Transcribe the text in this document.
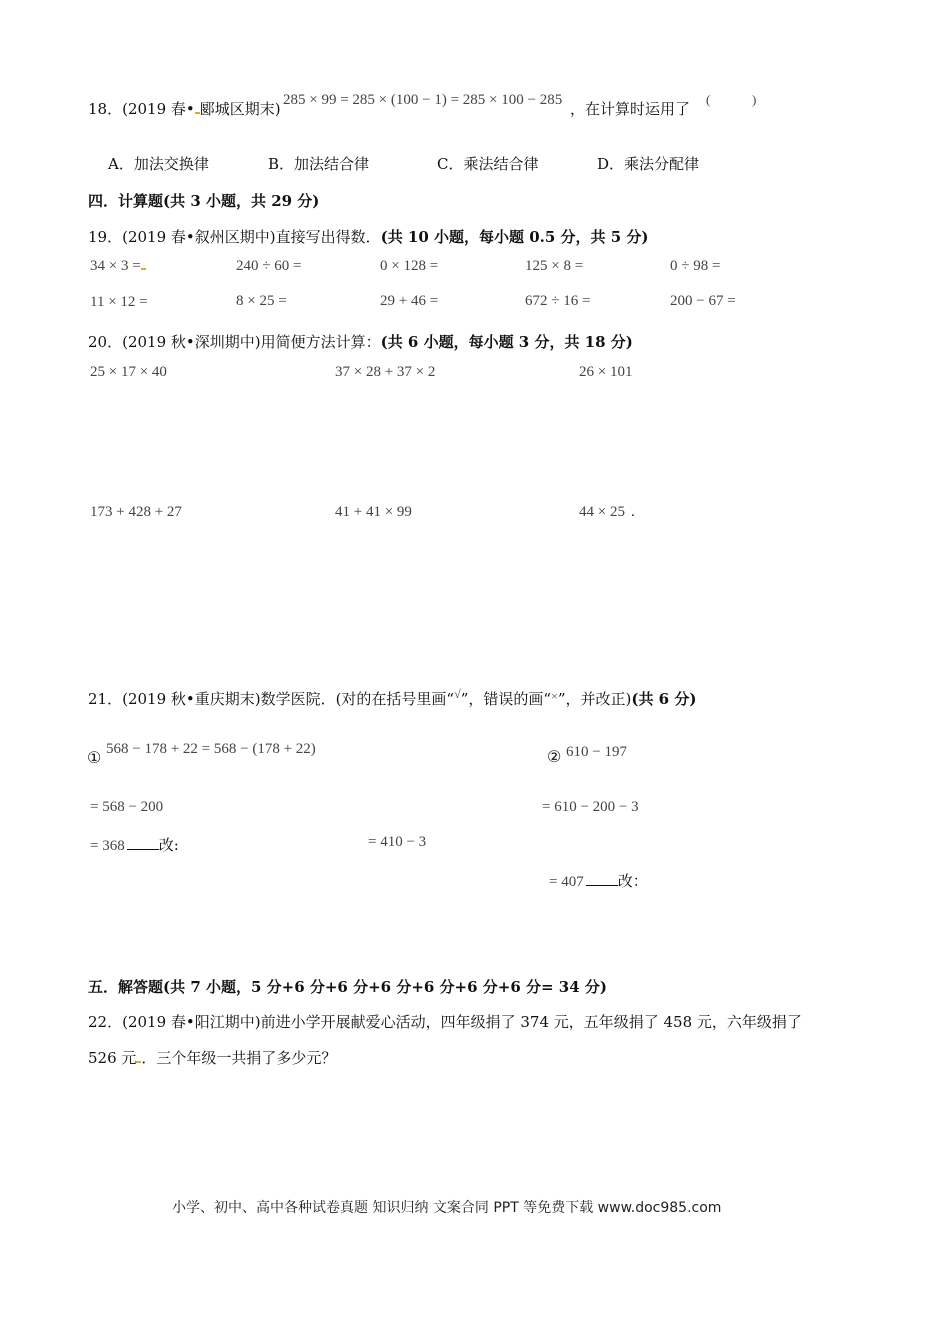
18．(2019 春• 郾城区期末) 285 × 99 = 285 × (100 − 1) = 285 × 100 − 285 ，在计算时运用了
(	)
A．加法交换律	B．加法结合律	C．乘法结合律	D．乘法分配律
四．计算题(共 3 小题，共 29 分)
19．(2019 春•叙州区期中)直接写出得数．(共 10 小题，每小题 0.5 分，共 5 分)
34 × 3 =	240 ÷ 60 =	0 × 128 =	125 × 8 =	0 ÷ 98 =
11 × 12 =	8 × 25 =	29 + 46 =	672 ÷ 16 =	200 − 67 =
20．(2019 秋•深圳期中)用简便方法计算：(共 6 小题，每小题 3 分，共 18 分)
25 × 17 × 40	37 × 28 + 37 × 2	26 × 101
173 + 428 + 27	41 + 41 × 99	44 × 25 .
21．(2019 秋•重庆期末)数学医院．(对的在括号里画“√”，错误的画“×”，并改正)(共 6 分)
① 568 − 178 + 22 = 568 − (178 + 22)
= 568 − 200
= 368 改:
② 610 − 197
= 610 − 200 − 3
= 410 − 3
= 407 改：
五．解答题(共 7 小题，5 分+6 分+6 分+6 分+6 分+6 分+6 分= 34 分)
22．(2019 春•阳江期中)前进小学开展献爱心活动，四年级捐了 374 元，五年级捐了 458 元，六年级捐了
526 元 ．三个年级一共捐了多少元？
小学、初中、高中各种试卷真题 知识归纳 文案合同 PPT 等免费下载 www.doc985.com
